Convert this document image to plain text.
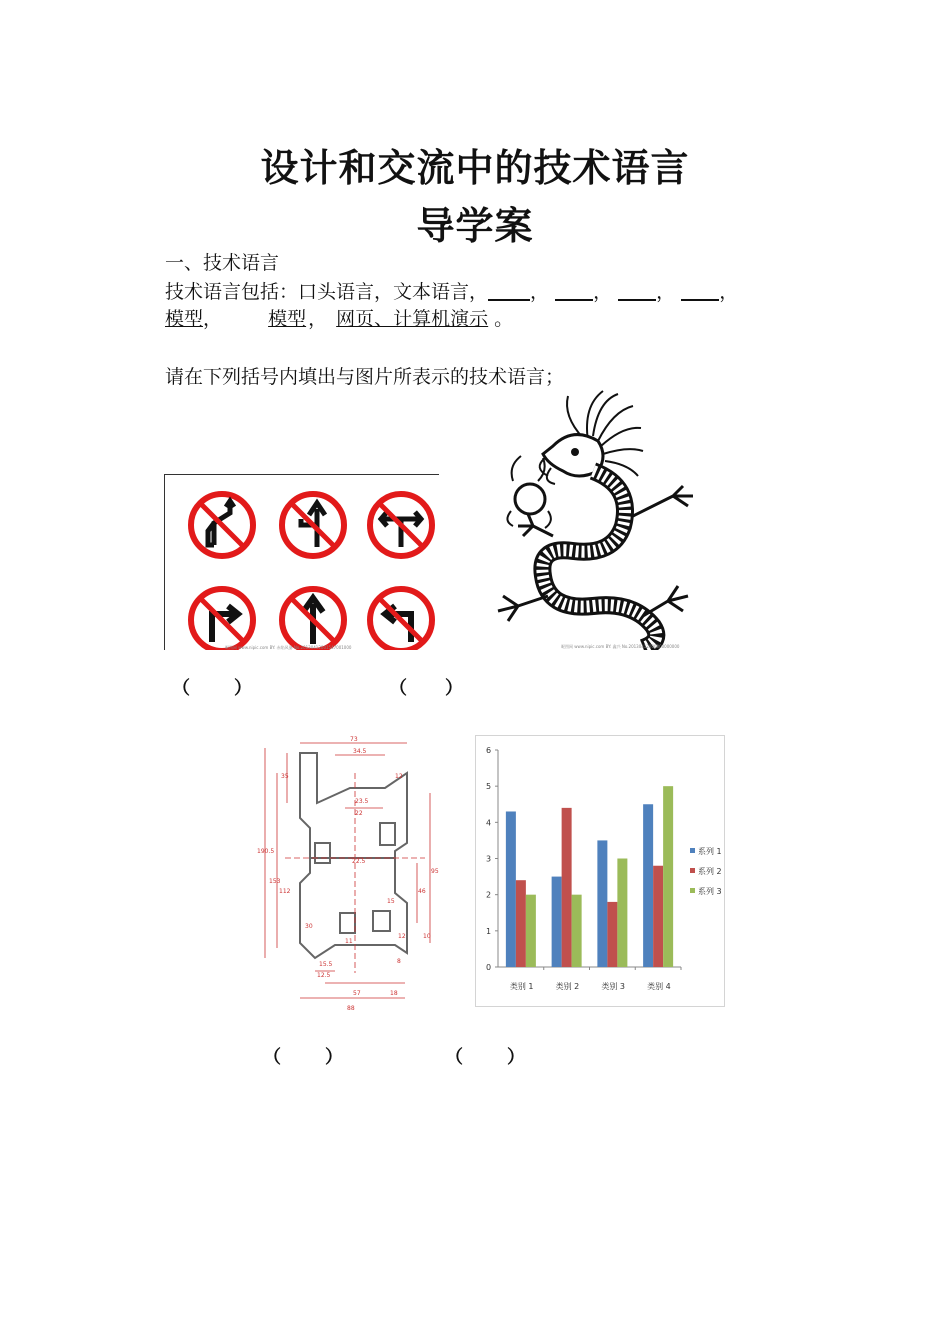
设计和交流中的技术语言
导学案
一、技术语言
技术语言包括：口头语言，文本语言， ， ， ， ，
模型， 模型 ， 网页、计算机演示 。
请在下列括号内填出与图片所表示的技术语言；
昵图网 www.nipic.com BY: 赤焰风暴 No.20130412001547001000	昵图网 www.nipic.com BY: 鑫兴 No.20130412000000000000
（ ）	（ ）
73
34.5
23.5
22
35	12
22.5
190.5
153
112
95
46
30
12.5
11
57	18
88
15.5
12	10
15
8
0
1
2
3
4
5
6
类别 1	类别 2	类别 3	类别 4
系列 1
系列 2
系列 3
（ ）	（ ）
